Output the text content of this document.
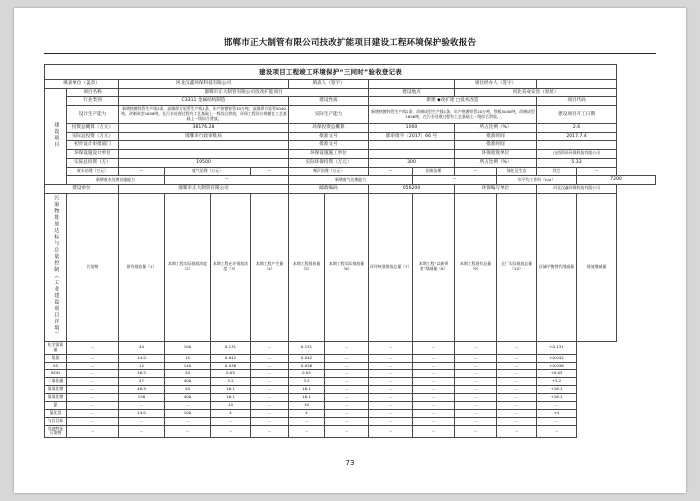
邯郸市正大制管有限公司技改扩能项目建设工程环境保护验收报告
建设项目工程竣工环境保护“三同时”验收登记表													
填表单位（盖章）		河北汉鑫环保科技有限公司				填表人（签字）				项目经办人（签字）			
建设项目	项目名称	邯郸市正大制管有限公司技改扩能项目						建设地点		河北省成安县（原址）			
	行业类别	C3311 金属结构制造				建设性质		新建 ◆改扩建 □技术改造				项目代码	
	设计生产能力	新增热镀锌管生产线3条，高频焊方矩管生产线1条，年产热镀锌管30万吨，高频焊方矩管5040吨，改制成型1656吨，在污水处理过程有工艺基础上一级综合泄放，环保工程设计规模在工艺基础上一级综合泄放。				实际生产能力		新增热镀锌管生产线2条，改制成型生产线1条，年产热镀锌管20万吨，铁板5040吨，改制成型1656吨，在污水处理过程有工艺基础上一级综合泄放。				建设项目开工日期	
	投资总概算（万元）	38176.28				环保投资总概算		1000		所占比例（%）		2.6	
	实际总投资（万元）	邯郸市行政审批局				批准文号		邯审批字〔2017〕66 号		批准时间		2017.7.4	
	初步设计审批部门					批准文号				批准时间			
	环保设施设计单位					环保设施施工单位				环保验收单位		山西科环环保科技有限公司	
	实际总投资（万）	19500				实际环保投资（万元）		300		所占比例（%）		5.33	
	废水治理（万元）	--	废气治理（万元）		--	噪声治理（万元）		--	固废治理	--	绿化及生态	其它	--
	新增废水处理设施能力		--			新增废气处理能力			--		年平均工作时（h/a）		7200
建设单位		邯郸市正大制管有限公司				邮政编码		056200		环保编写单位		河北汉鑫环保科技有限公司	
污染物排放达标与总量控制（工业建设项目详填）	污染物	原有排放量（1）	本期工程实际排放浓度（2）	本期工程允许排放浓度（3）	本期工程产生量（4）	本期工程排放量（5）	本期工程实际排放量（6）	环评核准排放总量（7）	本期工程“以新带老”削减量（8）	本期工程现有总量（9）	全厂实际排放总量（10）	区域平衡替代削减量	排放增减量
化学需氧量	--	44	100	0.131	--	0.131	--	--	--	--	--	+0.131	
氨氮	--	14.0	15	0.042	--	0.042	--	--	--	--	--	+0.042	
SS	--	12	140	0.036	--	0.036	--	--	--	--	--	+0.036	
BOD	--	16.5	30	0.05	--	0.05	--	--	--	--	--	+0.05	
二氧化硫	--	47	400	3.2	--	3.2	--	--	--	--	--	+5.2	
氮氧化物	--	46.9	50	16.1	--	16.1	--	--	--	--	--	+16.1	
氮氧化物	--	158	400	16.1	--	16.1	--	--	--	--	--	+16.1	
氯	--	--	--	10	--	10	--	--	--	--	--	--	
氯化氢	--	14.0	100	4	--	4	--	--	--	--	--	+4	
与目目标	--	--	--	--	--	--	--	--	--	--	--	--	
其他特征污染物	--	--	--	--	--	--	--	--	--	--	--	--	
73
